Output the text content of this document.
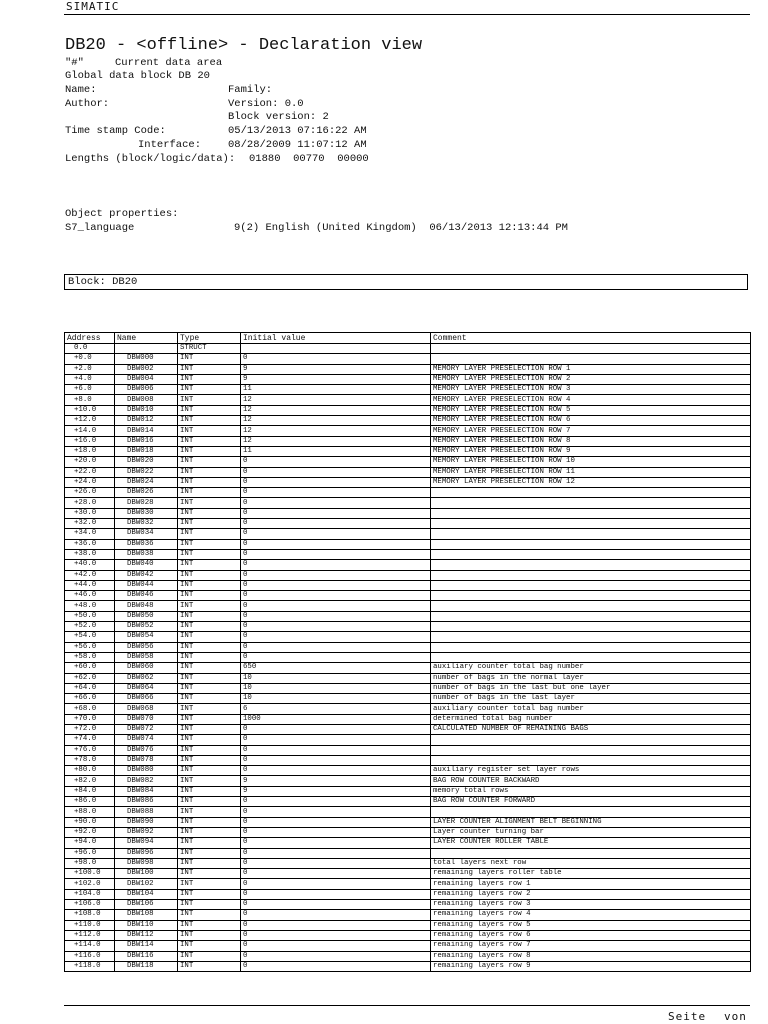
SIMATIC
DB20 - <offline> - Declaration view
"#"	Current data area
Global data block DB 20
Name:	Family:
Author:	Version: 0.0
Block version: 2
Time stamp Code:	05/13/2013 07:16:22 AM
Interface:	08/28/2009 11:07:12 AM
Lengths (block/logic/data): 01880  00770  00000
Object properties:
S7_language	9(2) English (United Kingdom)  06/13/2013 12:13:44 PM
Block: DB20
Address	Name	Type	Initial value	Comment
0.0		STRUCT		
+0.0	DBW000	INT	0	
+2.0	DBW002	INT	9	MEMORY LAYER PRESELECTION ROW 1
+4.0	DBW004	INT	9	MEMORY LAYER PRESELECTION ROW 2
+6.0	DBW006	INT	11	MEMORY LAYER PRESELECTION ROW 3
+8.0	DBW008	INT	12	MEMORY LAYER PRESELECTION ROW 4
+10.0	DBW010	INT	12	MEMORY LAYER PRESELECTION ROW 5
+12.0	DBW012	INT	12	MEMORY LAYER PRESELECTION ROW 6
+14.0	DBW014	INT	12	MEMORY LAYER PRESELECTION ROW 7
+16.0	DBW016	INT	12	MEMORY LAYER PRESELECTION ROW 8
+18.0	DBW018	INT	11	MEMORY LAYER PRESELECTION ROW 9
+20.0	DBW020	INT	0	MEMORY LAYER PRESELECTION ROW 10
+22.0	DBW022	INT	0	MEMORY LAYER PRESELECTION ROW 11
+24.0	DBW024	INT	0	MEMORY LAYER PRESELECTION ROW 12
+26.0	DBW026	INT	0	
+28.0	DBW028	INT	0	
+30.0	DBW030	INT	0	
+32.0	DBW032	INT	0	
+34.0	DBW034	INT	0	
+36.0	DBW036	INT	0	
+38.0	DBW038	INT	0	
+40.0	DBW040	INT	0	
+42.0	DBW042	INT	0	
+44.0	DBW044	INT	0	
+46.0	DBW046	INT	0	
+48.0	DBW048	INT	0	
+50.0	DBW050	INT	0	
+52.0	DBW052	INT	0	
+54.0	DBW054	INT	0	
+56.0	DBW056	INT	0	
+58.0	DBW058	INT	0	
+60.0	DBW060	INT	650	auxiliary counter total bag number
+62.0	DBW062	INT	10	number of bags in the normal layer
+64.0	DBW064	INT	10	number of bags in the last but one layer
+66.0	DBW066	INT	10	number of bags in the last layer
+68.0	DBW068	INT	6	auxiliary counter total bag number
+70.0	DBW070	INT	1000	determined total bag number
+72.0	DBW072	INT	0	CALCULATED NUMBER OF REMAINING BAGS
+74.0	DBW074	INT	0	
+76.0	DBW076	INT	0	
+78.0	DBW078	INT	0	
+80.0	DBW080	INT	0	auxiliary register set layer rows
+82.0	DBW082	INT	9	BAG ROW COUNTER BACKWARD
+84.0	DBW084	INT	9	memory total rows
+86.0	DBW086	INT	0	BAG ROW COUNTER FORWARD
+88.0	DBW088	INT	0	
+90.0	DBW090	INT	0	LAYER COUNTER ALIGNMENT BELT BEGINNING
+92.0	DBW092	INT	0	Layer counter turning bar
+94.0	DBW094	INT	0	LAYER COUNTER ROLLER TABLE
+96.0	DBW096	INT	0	
+98.0	DBW098	INT	0	total layers next row
+100.0	DBW100	INT	0	remaining layers roller table
+102.0	DBW102	INT	0	remaining layers row 1
+104.0	DBW104	INT	0	remaining layers row 2
+106.0	DBW106	INT	0	remaining layers row 3
+108.0	DBW108	INT	0	remaining layers row 4
+110.0	DBW110	INT	0	remaining layers row 5
+112.0	DBW112	INT	0	remaining layers row 6
+114.0	DBW114	INT	0	remaining layers row 7
+116.0	DBW116	INT	0	remaining layers row 8
+118.0	DBW118	INT	0	remaining layers row 9
Seite von
